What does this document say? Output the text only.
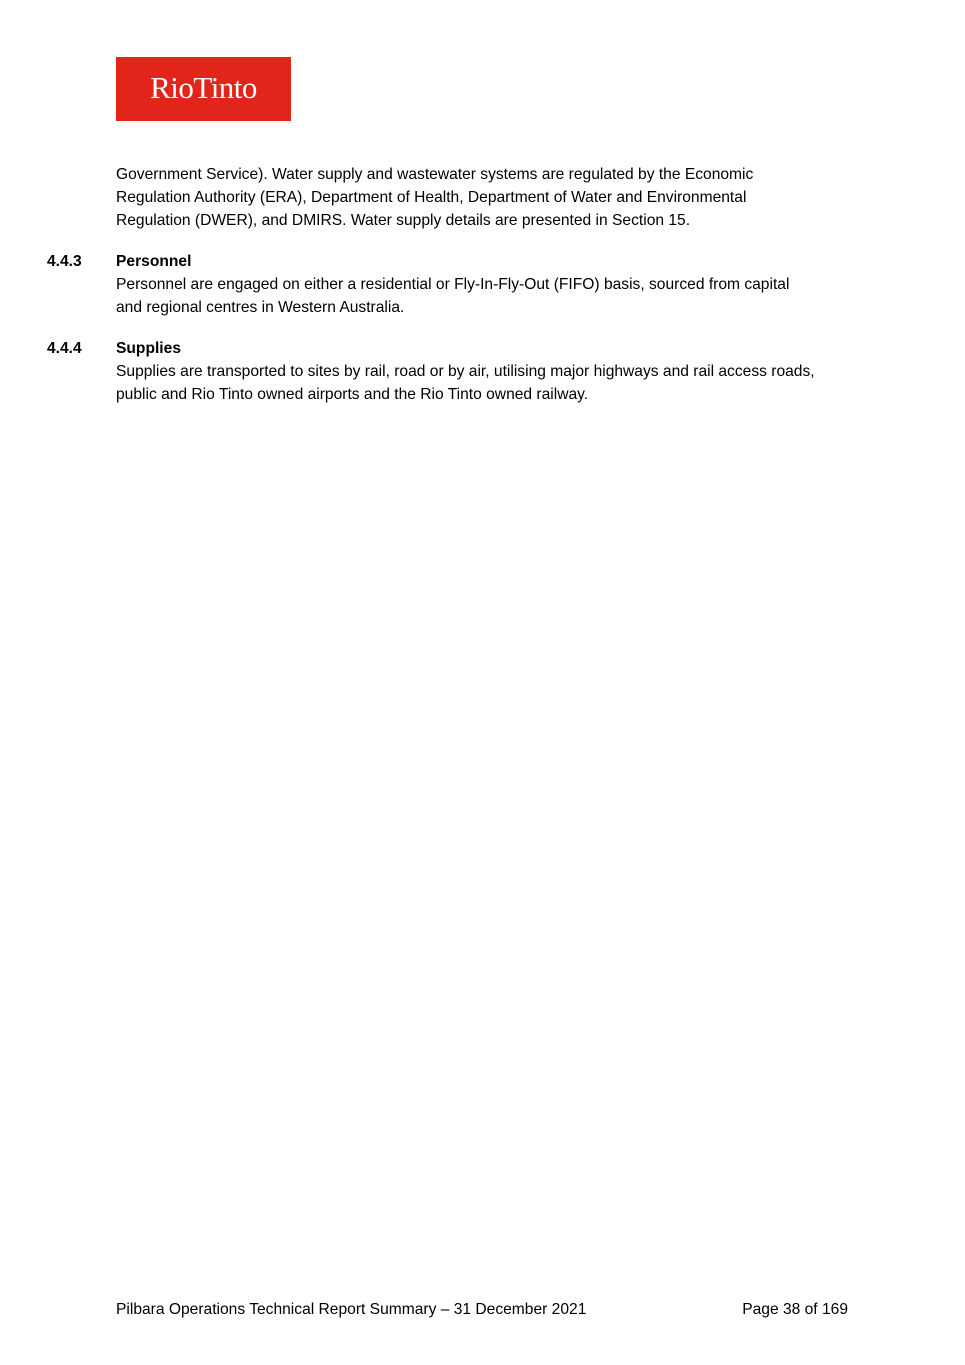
RioTinto
Government Service). Water supply and wastewater systems are regulated by the Economic
Regulation Authority (ERA), Department of Health, Department of Water and Environmental
Regulation (DWER), and DMIRS. Water supply details are presented in Section 15.
4.4.3 Personnel
Personnel are engaged on either a residential or Fly-In-Fly-Out (FIFO) basis, sourced from capital
and regional centres in Western Australia.
4.4.4 Supplies
Supplies are transported to sites by rail, road or by air, utilising major highways and rail access roads,
public and Rio Tinto owned airports and the Rio Tinto owned railway.
Pilbara Operations Technical Report Summary – 31 December 2021	Page 38 of 169
